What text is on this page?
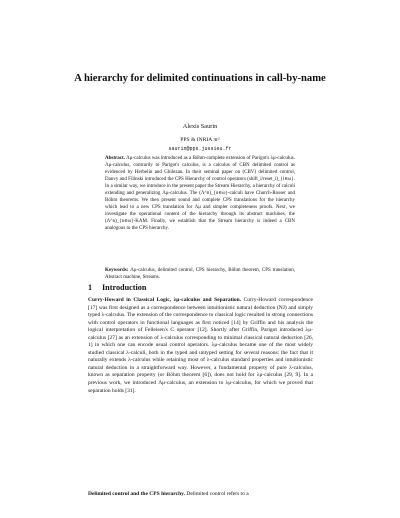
A hierarchy for delimited continuations in call-by-name
Alexis Saurin
PPS & INRIA πr²
saurin@pps.jussieu.fr
Abstract. Λμ-calculus was introduced as a Böhm-complete extension of Parigot's λμ-calculus. Λμ-calculus, contrarily to Parigot's calculus, is a calculus of CBN delimited control as evidenced by Herbelin and Ghilezan. In their seminal paper on (CBV) delimited control, Danvy and Filinski introduced the CPS Hierarchy of control operators (shift_i/reset_i)_{i∈ω}. In a similar way, we introduce in the present paper the Stream Hierarchy, a hierarchy of calculi extending and generalizing Λμ-calculus. The (Λ^n)_{n∈ω}-calculi have Church-Rosser and Böhm theorems. We then present sound and complete CPS translations for the hierarchy which lead to a new CPS translation for Λμ and simpler completeness proofs. Next, we investigate the operational content of the hierarchy through its abstract machines, the (Λ^n)_{n∈ω}-KAM. Finally, we establish that the Stream hierarchy is indeed a CBN analogous to the CPS hierarchy.
Keywords: Λμ-calculus, delimited control, CPS hierarchy, Böhm theorem, CPS translation, Abstract machine, Streams.
1 Introduction
Curry-Howard in Classical Logic, λμ-calculus and Separation. Curry-Howard correspondence [17] was first designed as a correspondence between intuitionistic natural deduction (NJ) and simply typed λ-calculus. The extension of the correspondence to classical logic resulted in strong connections with control operators in functional languages as first noticed [14] by Griffin and his analysis the logical interpretation of Felleisen's C operator [12]. Shortly after Griffin, Parigot introduced λμ-calculus [27] as an extension of λ-calculus corresponding to minimal classical natural deduction [26, 1] in which one can encode usual control operators. λμ-calculus became one of the most widely studied classical λ-calculi, both in the typed and untyped setting for several reasons: the fact that it naturally extends λ-calculus while retaining most of λ-calculus standard properties and intuitionistic natural deduction in a straightforward way. However, a fundamental property of pure λ-calculus, known as separation property (or Böhm theorem [6]), does not hold for λμ-calculus [29, 9]. In a previous work, we introduced Λμ-calculus, an extension to λμ-calculus, for which we proved that separation holds [31].
Delimited control and the CPS hierarchy. Delimited control refers to a
